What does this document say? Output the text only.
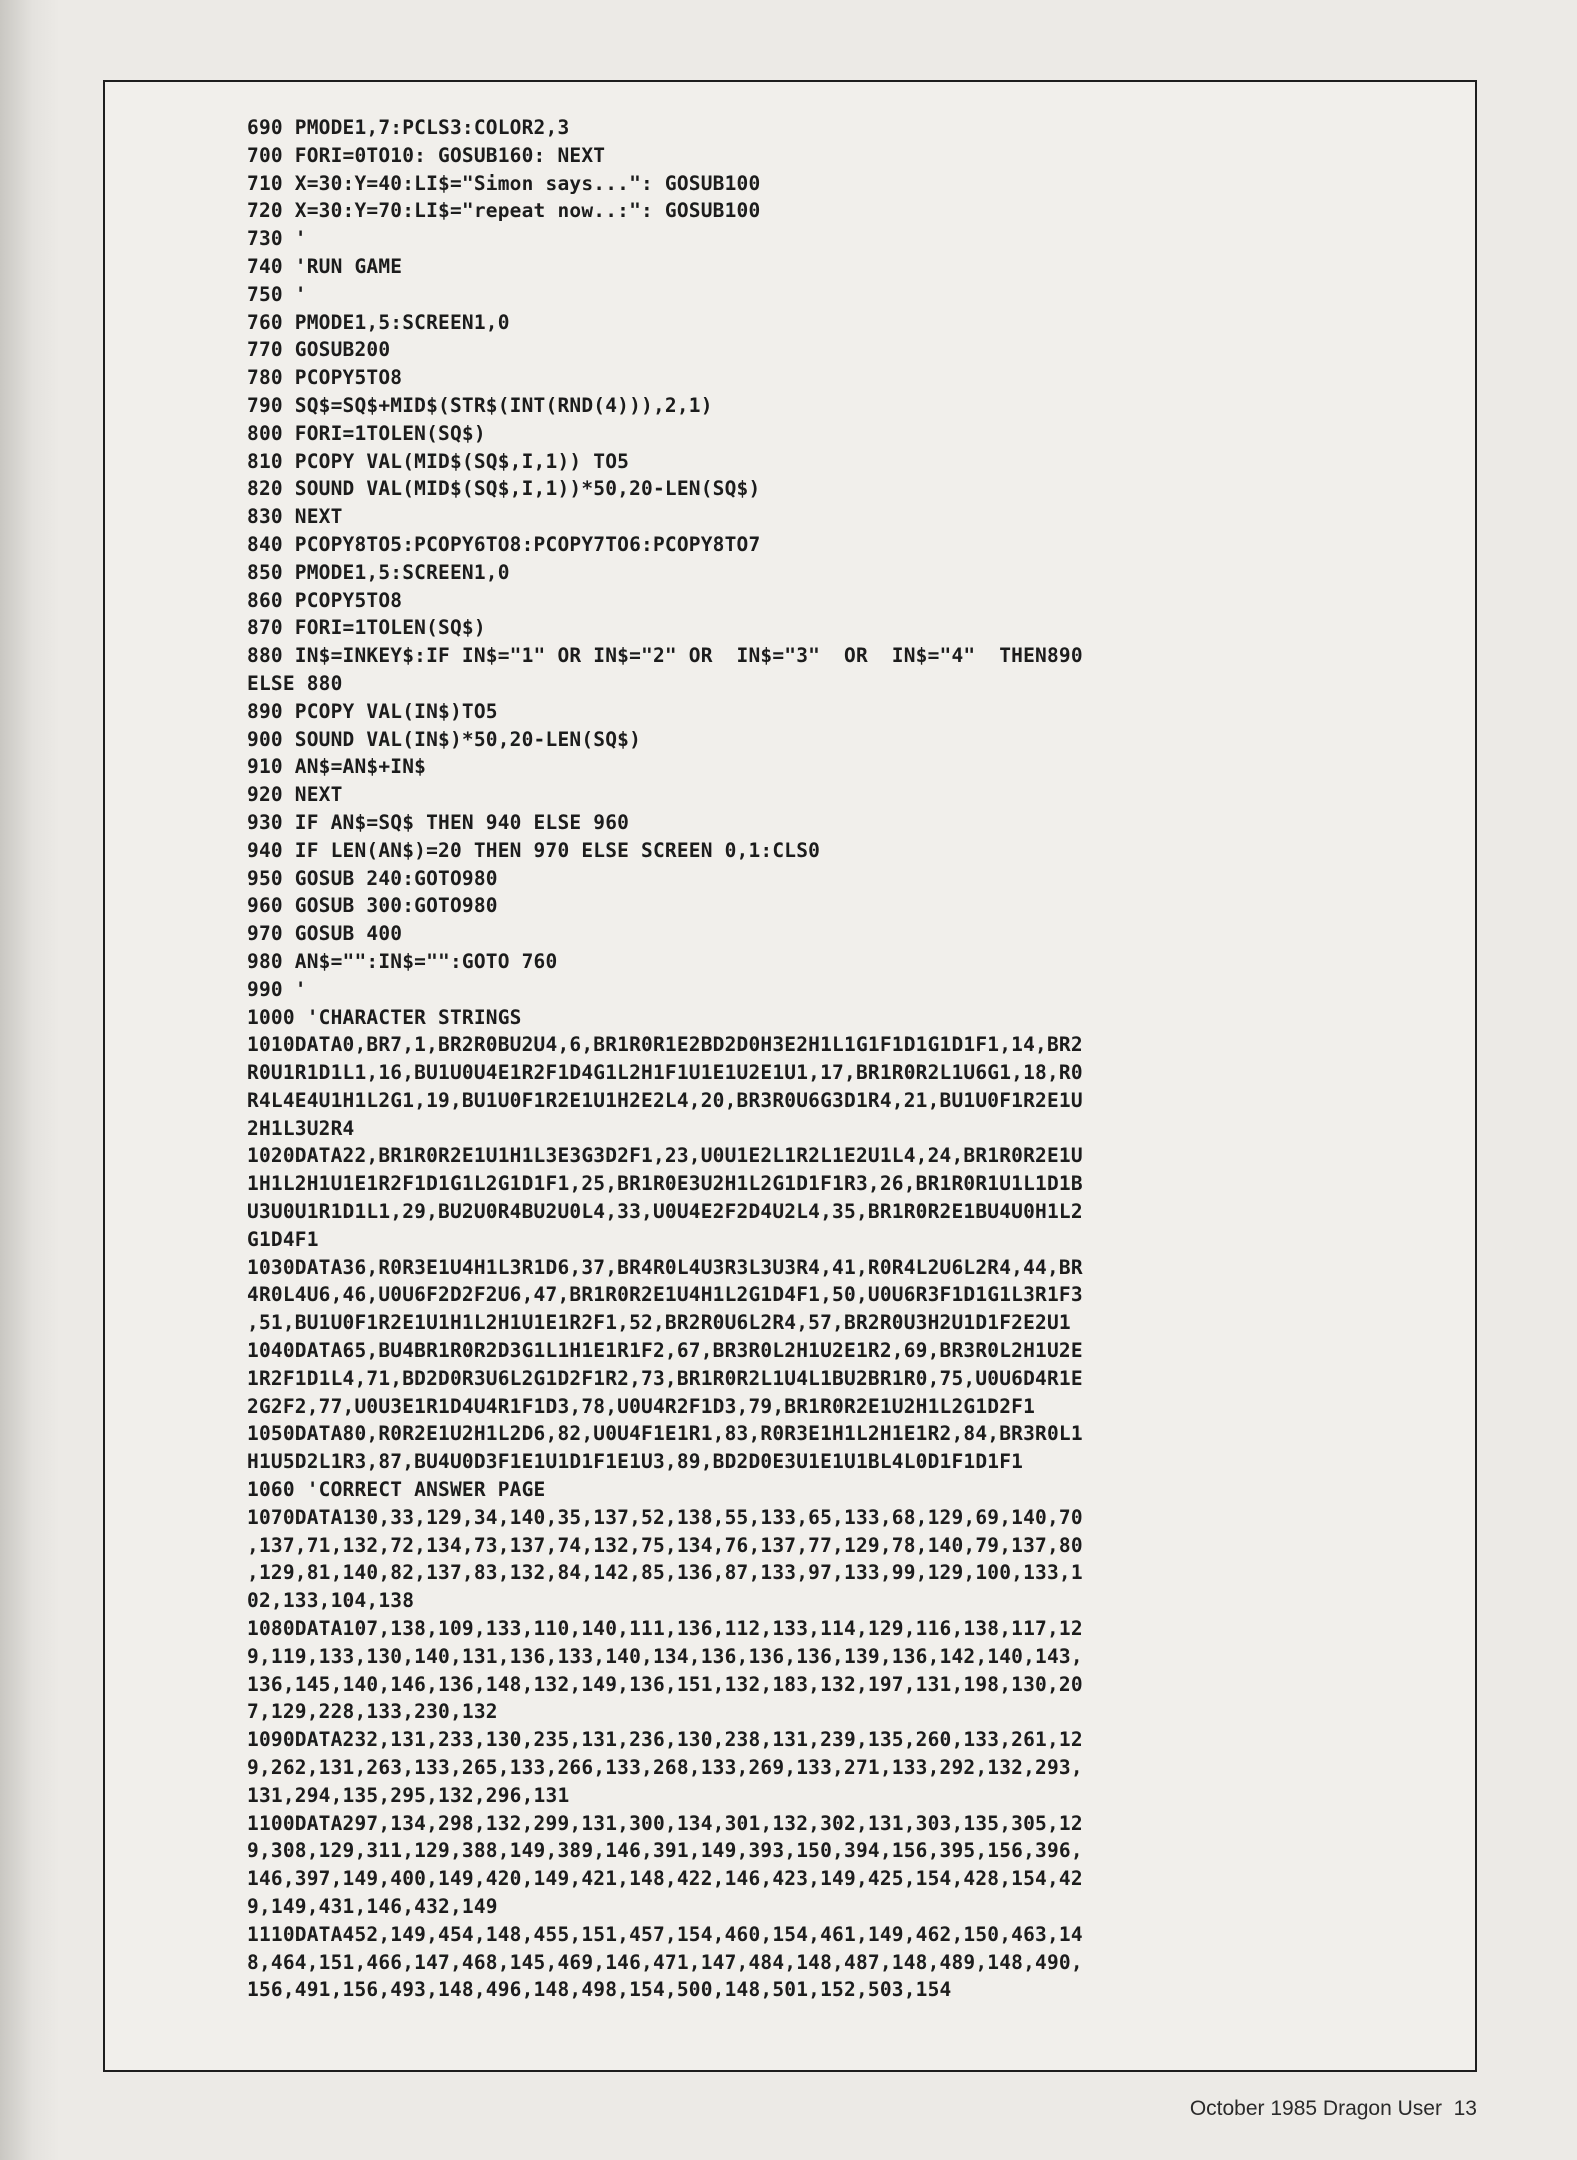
690 PMODE1,7:PCLS3:COLOR2,3
700 FORI=0TO10: GOSUB160: NEXT
710 X=30:Y=40:LI$="Simon says...": GOSUB100
720 X=30:Y=70:LI$="repeat now..:": GOSUB100
730 '
740 'RUN GAME
750 '
760 PMODE1,5:SCREEN1,0
770 GOSUB200
780 PCOPY5TO8
790 SQ$=SQ$+MID$(STR$(INT(RND(4))),2,1)
800 FORI=1TOLEN(SQ$)
810 PCOPY VAL(MID$(SQ$,I,1)) TO5
820 SOUND VAL(MID$(SQ$,I,1))*50,20-LEN(SQ$)
830 NEXT
840 PCOPY8TO5:PCOPY6TO8:PCOPY7TO6:PCOPY8TO7
850 PMODE1,5:SCREEN1,0
860 PCOPY5TO8
870 FORI=1TOLEN(SQ$)
880 IN$=INKEY$:IF IN$="1" OR IN$="2" OR  IN$="3"  OR  IN$="4"  THEN890
ELSE 880
890 PCOPY VAL(IN$)TO5
900 SOUND VAL(IN$)*50,20-LEN(SQ$)
910 AN$=AN$+IN$
920 NEXT
930 IF AN$=SQ$ THEN 940 ELSE 960
940 IF LEN(AN$)=20 THEN 970 ELSE SCREEN 0,1:CLS0
950 GOSUB 240:GOTO980
960 GOSUB 300:GOTO980
970 GOSUB 400
980 AN$="":IN$="":GOTO 760
990 '
1000 'CHARACTER STRINGS
1010DATA0,BR7,1,BR2R0BU2U4,6,BR1R0R1E2BD2D0H3E2H1L1G1F1D1G1D1F1,14,BR2
R0U1R1D1L1,16,BU1U0U4E1R2F1D4G1L2H1F1U1E1U2E1U1,17,BR1R0R2L1U6G1,18,R0
R4L4E4U1H1L2G1,19,BU1U0F1R2E1U1H2E2L4,20,BR3R0U6G3D1R4,21,BU1U0F1R2E1U
2H1L3U2R4
1020DATA22,BR1R0R2E1U1H1L3E3G3D2F1,23,U0U1E2L1R2L1E2U1L4,24,BR1R0R2E1U
1H1L2H1U1E1R2F1D1G1L2G1D1F1,25,BR1R0E3U2H1L2G1D1F1R3,26,BR1R0R1U1L1D1B
U3U0U1R1D1L1,29,BU2U0R4BU2U0L4,33,U0U4E2F2D4U2L4,35,BR1R0R2E1BU4U0H1L2
G1D4F1
1030DATA36,R0R3E1U4H1L3R1D6,37,BR4R0L4U3R3L3U3R4,41,R0R4L2U6L2R4,44,BR
4R0L4U6,46,U0U6F2D2F2U6,47,BR1R0R2E1U4H1L2G1D4F1,50,U0U6R3F1D1G1L3R1F3
,51,BU1U0F1R2E1U1H1L2H1U1E1R2F1,52,BR2R0U6L2R4,57,BR2R0U3H2U1D1F2E2U1
1040DATA65,BU4BR1R0R2D3G1L1H1E1R1F2,67,BR3R0L2H1U2E1R2,69,BR3R0L2H1U2E
1R2F1D1L4,71,BD2D0R3U6L2G1D2F1R2,73,BR1R0R2L1U4L1BU2BR1R0,75,U0U6D4R1E
2G2F2,77,U0U3E1R1D4U4R1F1D3,78,U0U4R2F1D3,79,BR1R0R2E1U2H1L2G1D2F1
1050DATA80,R0R2E1U2H1L2D6,82,U0U4F1E1R1,83,R0R3E1H1L2H1E1R2,84,BR3R0L1
H1U5D2L1R3,87,BU4U0D3F1E1U1D1F1E1U3,89,BD2D0E3U1E1U1BL4L0D1F1D1F1
1060 'CORRECT ANSWER PAGE
1070DATA130,33,129,34,140,35,137,52,138,55,133,65,133,68,129,69,140,70
,137,71,132,72,134,73,137,74,132,75,134,76,137,77,129,78,140,79,137,80
,129,81,140,82,137,83,132,84,142,85,136,87,133,97,133,99,129,100,133,1
02,133,104,138
1080DATA107,138,109,133,110,140,111,136,112,133,114,129,116,138,117,12
9,119,133,130,140,131,136,133,140,134,136,136,136,139,136,142,140,143,
136,145,140,146,136,148,132,149,136,151,132,183,132,197,131,198,130,20
7,129,228,133,230,132
1090DATA232,131,233,130,235,131,236,130,238,131,239,135,260,133,261,12
9,262,131,263,133,265,133,266,133,268,133,269,133,271,133,292,132,293,
131,294,135,295,132,296,131
1100DATA297,134,298,132,299,131,300,134,301,132,302,131,303,135,305,12
9,308,129,311,129,388,149,389,146,391,149,393,150,394,156,395,156,396,
146,397,149,400,149,420,149,421,148,422,146,423,149,425,154,428,154,42
9,149,431,146,432,149
1110DATA452,149,454,148,455,151,457,154,460,154,461,149,462,150,463,14
8,464,151,466,147,468,145,469,146,471,147,484,148,487,148,489,148,490,
156,491,156,493,148,496,148,498,154,500,148,501,152,503,154
October 1985 Dragon User  13
